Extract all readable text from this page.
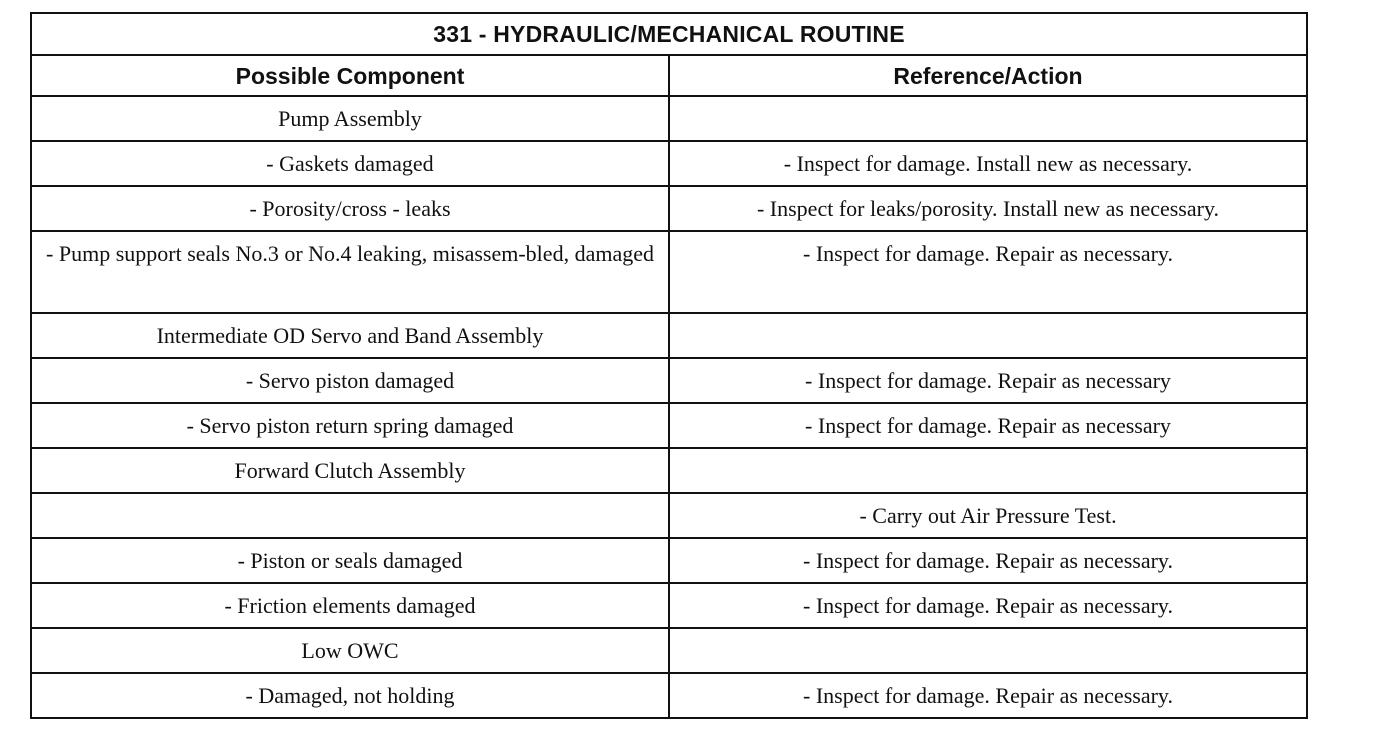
331 - HYDRAULIC/MECHANICAL ROUTINE	
Possible Component	Reference/Action
Pump Assembly	
- Gaskets damaged	- Inspect for damage. Install new as necessary.
- Porosity/cross - leaks	- Inspect for leaks/porosity. Install new as necessary.
- Pump support seals No.3 or No.4 leaking, misassem-bled, damaged	- Inspect for damage. Repair as necessary.
Intermediate OD Servo and Band Assembly	
- Servo piston damaged	- Inspect for damage. Repair as necessary
- Servo piston return spring damaged	- Inspect for damage. Repair as necessary
Forward Clutch Assembly	
	- Carry out Air Pressure Test.
- Piston or seals damaged	- Inspect for damage. Repair as necessary.
- Friction elements damaged	- Inspect for damage. Repair as necessary.
Low OWC	
- Damaged, not holding	- Inspect for damage. Repair as necessary.
